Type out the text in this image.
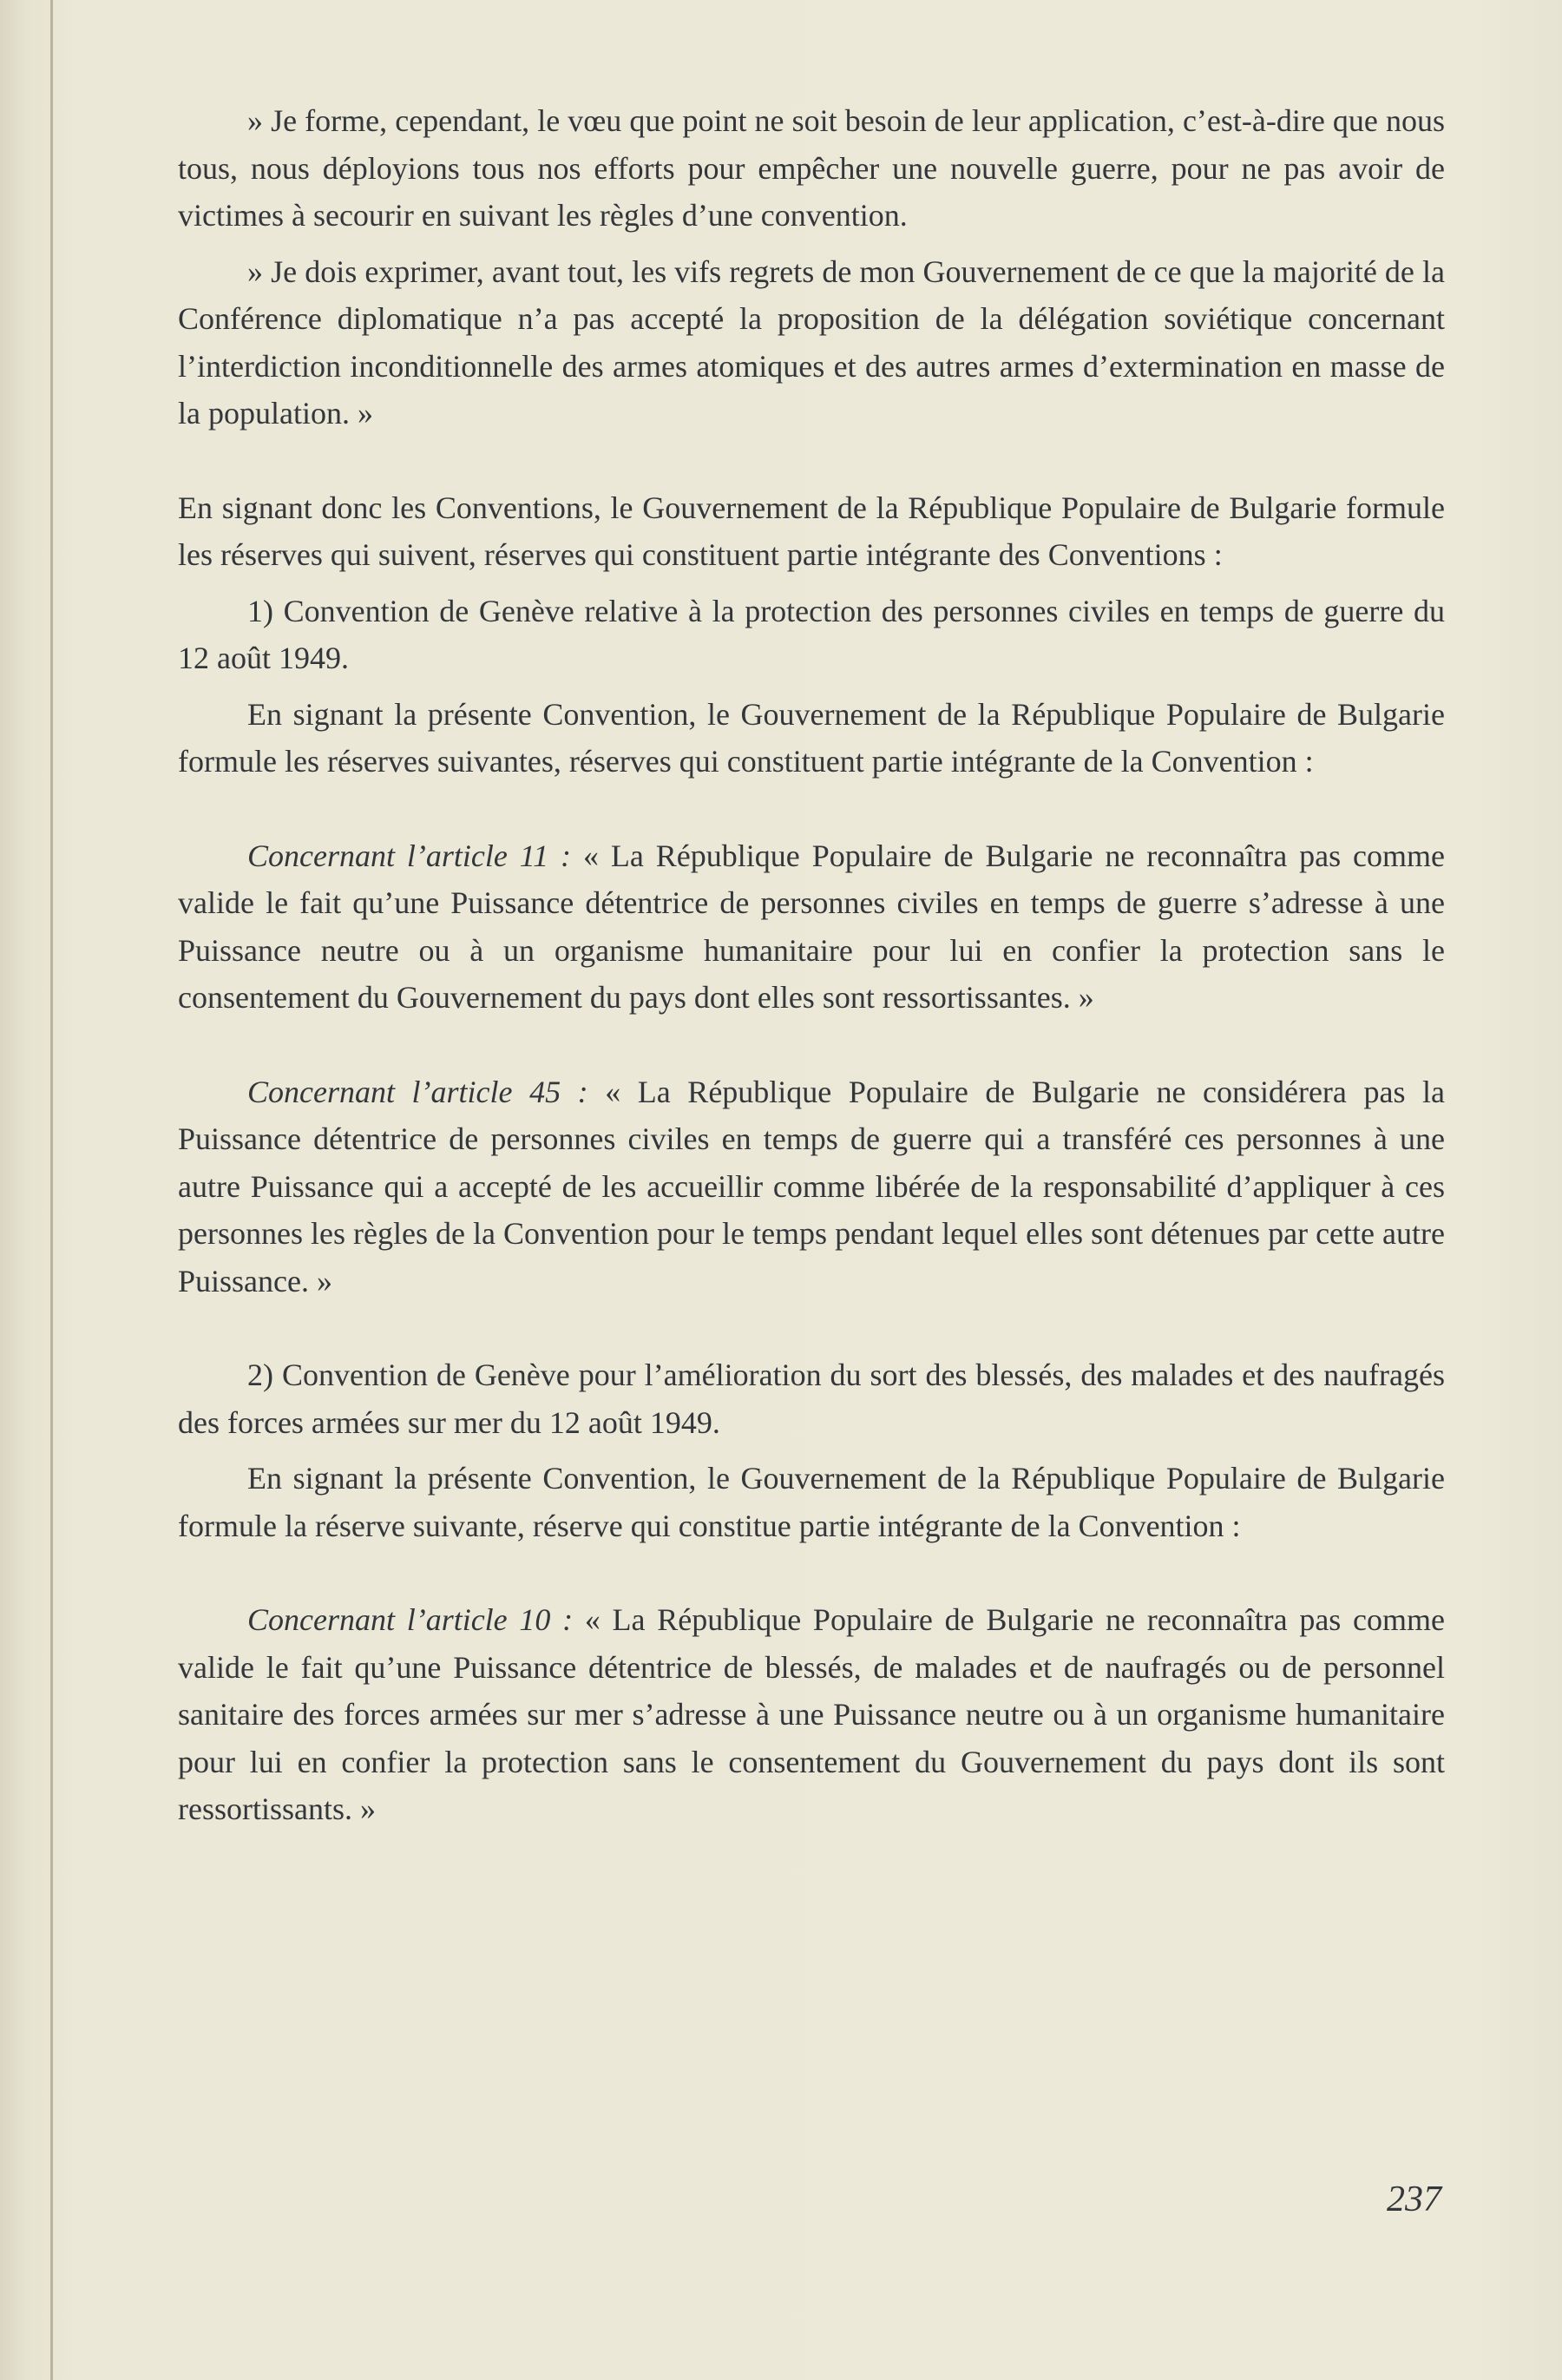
» Je forme, cependant, le vœu que point ne soit besoin de leur application, c’est-à-dire que nous tous, nous déployions tous nos efforts pour empêcher une nouvelle guerre, pour ne pas avoir de victimes à secourir en suivant les règles d’une convention.

» Je dois exprimer, avant tout, les vifs regrets de mon Gouvernement de ce que la majorité de la Conférence diplomatique n’a pas accepté la proposition de la délégation soviétique concernant l’interdiction inconditionnelle des armes atomiques et des autres armes d’extermination en masse de la population. »

En signant donc les Conventions, le Gouvernement de la République Populaire de Bulgarie formule les réserves qui suivent, réserves qui constituent partie intégrante des Conventions :

1) Convention de Genève relative à la protection des personnes civiles en temps de guerre du 12 août 1949.

En signant la présente Convention, le Gouvernement de la République Populaire de Bulgarie formule les réserves suivantes, réserves qui constituent partie intégrante de la Convention :

Concernant l’article 11 : « La République Populaire de Bulgarie ne reconnaîtra pas comme valide le fait qu’une Puissance détentrice de personnes civiles en temps de guerre s’adresse à une Puissance neutre ou à un organisme humanitaire pour lui en confier la protection sans le consentement du Gouvernement du pays dont elles sont ressortissantes. »

Concernant l’article 45 : « La République Populaire de Bulgarie ne considérera pas la Puissance détentrice de personnes civiles en temps de guerre qui a transféré ces personnes à une autre Puissance qui a accepté de les accueillir comme libérée de la responsabilité d’appliquer à ces personnes les règles de la Convention pour le temps pendant lequel elles sont détenues par cette autre Puissance. »

2) Convention de Genève pour l’amélioration du sort des blessés, des malades et des naufragés des forces armées sur mer du 12 août 1949.

En signant la présente Convention, le Gouvernement de la République Populaire de Bulgarie formule la réserve suivante, réserve qui constitue partie intégrante de la Convention :

Concernant l’article 10 : « La République Populaire de Bulgarie ne reconnaîtra pas comme valide le fait qu’une Puissance détentrice de blessés, de malades et de naufragés ou de personnel sanitaire des forces armées sur mer s’adresse à une Puissance neutre ou à un organisme humanitaire pour lui en confier la protection sans le consentement du Gouvernement du pays dont ils sont ressortissants. »

237
